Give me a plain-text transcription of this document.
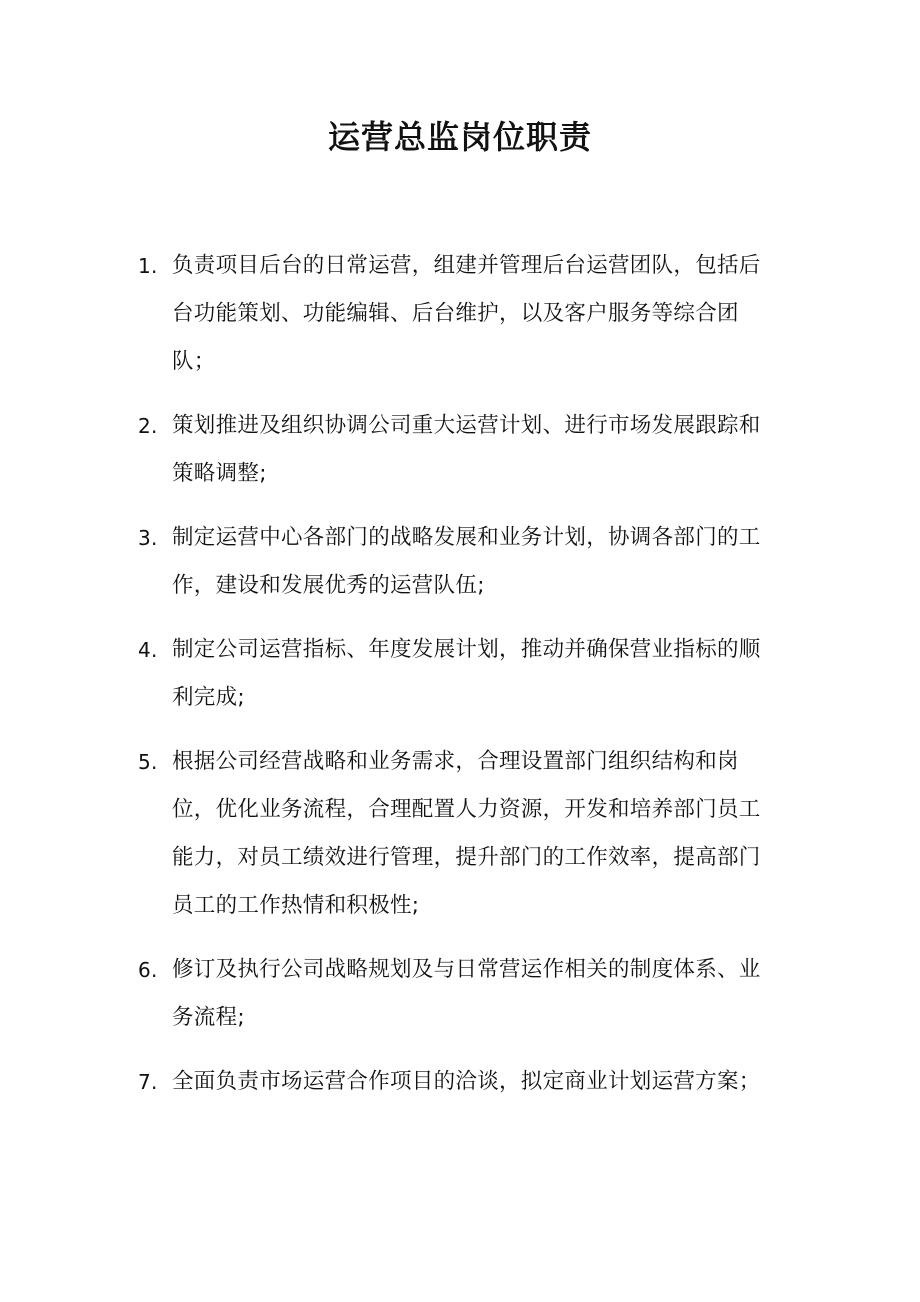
运营总监岗位职责
1. 负责项目后台的日常运营，组建并管理后台运营团队，包括后台功能策划、功能编辑、后台维护，以及客户服务等综合团队；
2. 策划推进及组织协调公司重大运营计划、进行市场发展跟踪和策略调整;
3. 制定运营中心各部门的战略发展和业务计划，协调各部门的工作，建设和发展优秀的运营队伍;
4. 制定公司运营指标、年度发展计划，推动并确保营业指标的顺利完成;
5. 根据公司经营战略和业务需求，合理设置部门组织结构和岗位，优化业务流程，合理配置人力资源，开发和培养部门员工能力，对员工绩效进行管理，提升部门的工作效率，提高部门员工的工作热情和积极性;
6. 修订及执行公司战略规划及与日常营运作相关的制度体系、业务流程;
7. 全面负责市场运营合作项目的洽谈，拟定商业计划运营方案；
